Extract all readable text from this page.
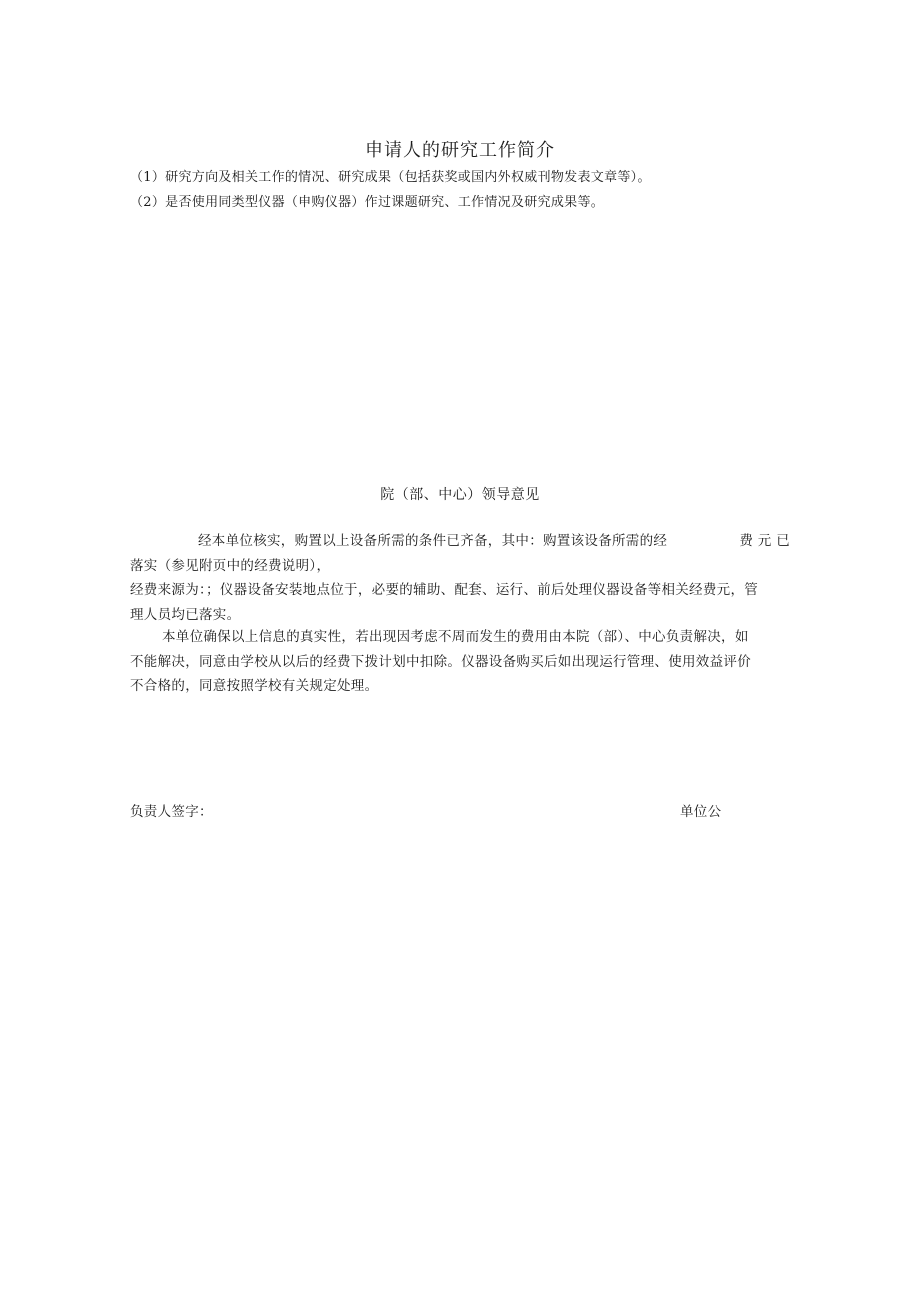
申请人的研究工作简介
（1）研究方向及相关工作的情况、研究成果（包括获奖或国内外权威刊物发表文章等）。
（2）是否使用同类型仪器（申购仪器）作过课题研究、工作情况及研究成果等。
院（部、中心）领导意见
经本单位核实，购置以上设备所需的条件已齐备，其中：购置该设备所需的经	费 元 已
落实（参见附页中的经费说明），
经费来源为：；仪器设备安装地点位于，必要的辅助、配套、运行、前后处理仪器设备等相关经费元，管
理人员均已落实。
本单位确保以上信息的真实性，若出现因考虑不周而发生的费用由本院（部）、中心负责解决，如
不能解决，同意由学校从以后的经费下拨计划中扣除。仪器设备购买后如出现运行管理、使用效益评价
不合格的，同意按照学校有关规定处理。
负责人签字：	单位公
